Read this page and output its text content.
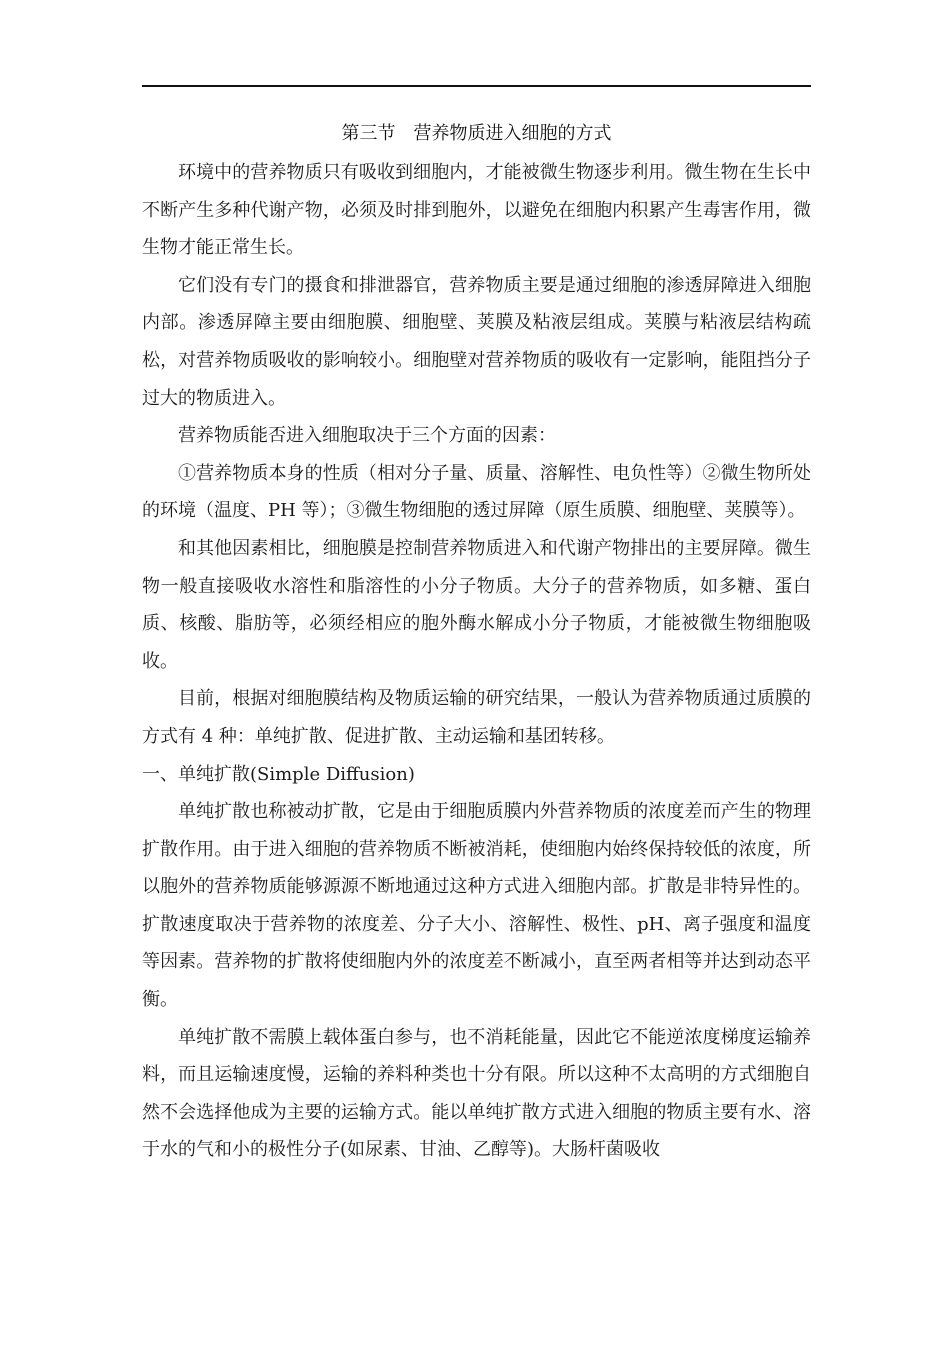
第三节　营养物质进入细胞的方式

环境中的营养物质只有吸收到细胞内，才能被微生物逐步利用。微生物在生长中不断产生多种代谢产物，必须及时排到胞外，以避免在细胞内积累产生毒害作用，微生物才能正常生长。

它们没有专门的摄食和排泄器官，营养物质主要是通过细胞的渗透屏障进入细胞内部。渗透屏障主要由细胞膜、细胞壁、荚膜及粘液层组成。荚膜与粘液层结构疏松，对营养物质吸收的影响较小。细胞壁对营养物质的吸收有一定影响，能阻挡分子过大的物质进入。

营养物质能否进入细胞取决于三个方面的因素：

①营养物质本身的性质（相对分子量、质量、溶解性、电负性等）②微生物所处的环境（温度、PH 等）；③微生物细胞的透过屏障（原生质膜、细胞壁、荚膜等）。

和其他因素相比，细胞膜是控制营养物质进入和代谢产物排出的主要屏障。微生物一般直接吸收水溶性和脂溶性的小分子物质。大分子的营养物质，如多糖、蛋白质、核酸、脂肪等，必须经相应的胞外酶水解成小分子物质，才能被微生物细胞吸收。

目前，根据对细胞膜结构及物质运输的研究结果，一般认为营养物质通过质膜的方式有 4 种：单纯扩散、促进扩散、主动运输和基团转移。

一、单纯扩散(Simple Diffusion)

单纯扩散也称被动扩散，它是由于细胞质膜内外营养物质的浓度差而产生的物理扩散作用。由于进入细胞的营养物质不断被消耗，使细胞内始终保持较低的浓度，所以胞外的营养物质能够源源不断地通过这种方式进入细胞内部。扩散是非特异性的。扩散速度取决于营养物的浓度差、分子大小、溶解性、极性、pH、离子强度和温度等因素。营养物的扩散将使细胞内外的浓度差不断减小，直至两者相等并达到动态平衡。

单纯扩散不需膜上载体蛋白参与，也不消耗能量，因此它不能逆浓度梯度运输养料，而且运输速度慢，运输的养料种类也十分有限。所以这种不太高明的方式细胞自然不会选择他成为主要的运输方式。能以单纯扩散方式进入细胞的物质主要有水、溶于水的气和小的极性分子(如尿素、甘油、乙醇等)。大肠杆菌吸收
